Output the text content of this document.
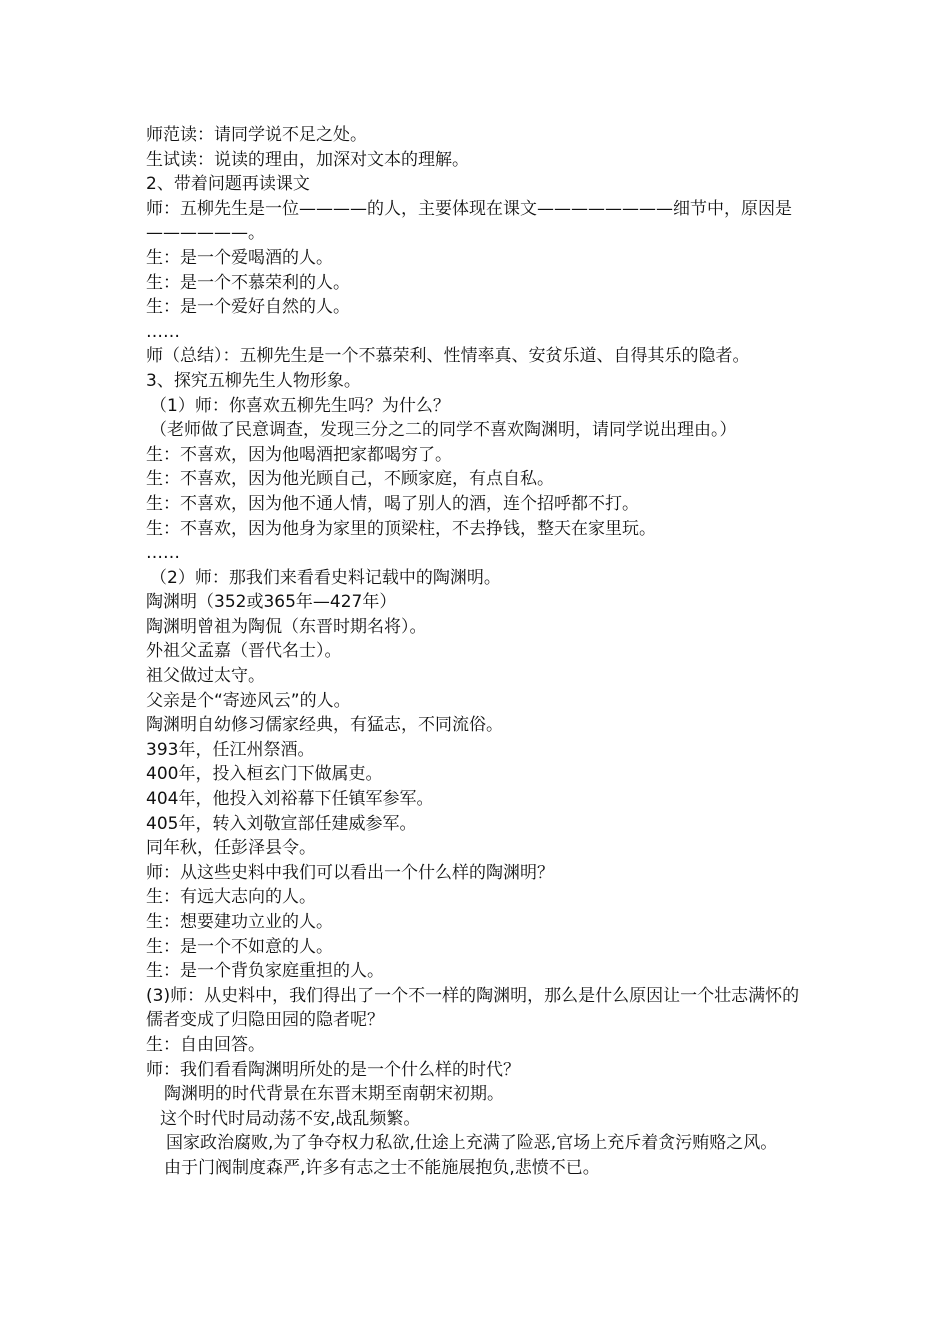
师范读：请同学说不足之处。
生试读：说读的理由，加深对文本的理解。
2、带着问题再读课文
师：五柳先生是一位————的人，主要体现在课文————————细节中，原因是——————。
生：是一个爱喝酒的人。
生：是一个不慕荣利的人。
生：是一个爱好自然的人。
……
师（总结）：五柳先生是一个不慕荣利、性情率真、安贫乐道、自得其乐的隐者。
3、探究五柳先生人物形象。
（1）师：你喜欢五柳先生吗？为什么？
（老师做了民意调查，发现三分之二的同学不喜欢陶渊明，请同学说出理由。）
生：不喜欢，因为他喝酒把家都喝穷了。
生：不喜欢，因为他光顾自己，不顾家庭，有点自私。
生：不喜欢，因为他不通人情，喝了别人的酒，连个招呼都不打。
生：不喜欢，因为他身为家里的顶梁柱，不去挣钱，整天在家里玩。
……
（2）师：那我们来看看史料记载中的陶渊明。
陶渊明（352或365年—427年）
陶渊明曾祖为陶侃（东晋时期名将）。
外祖父孟嘉（晋代名士）。
祖父做过太守。
父亲是个“寄迹风云”的人。
陶渊明自幼修习儒家经典，有猛志，不同流俗。
393年，任江州祭酒。
400年，投入桓玄门下做属吏。
404年，他投入刘裕幕下任镇军参军。
405年，转入刘敬宣部任建威参军。
同年秋，任彭泽县令。
师：从这些史料中我们可以看出一个什么样的陶渊明？
生：有远大志向的人。
生：想要建功立业的人。
生：是一个不如意的人。
生：是一个背负家庭重担的人。
(3)师：从史料中，我们得出了一个不一样的陶渊明，那么是什么原因让一个壮志满怀的儒者变成了归隐田园的隐者呢？
生：自由回答。
师：我们看看陶渊明所处的是一个什么样的时代？
陶渊明的时代背景在东晋末期至南朝宋初期。
这个时代时局动荡不安,战乱频繁。
国家政治腐败,为了争夺权力私欲,仕途上充满了险恶,官场上充斥着贪污贿赂之风。
由于门阀制度森严,许多有志之士不能施展抱负,悲愤不已。
